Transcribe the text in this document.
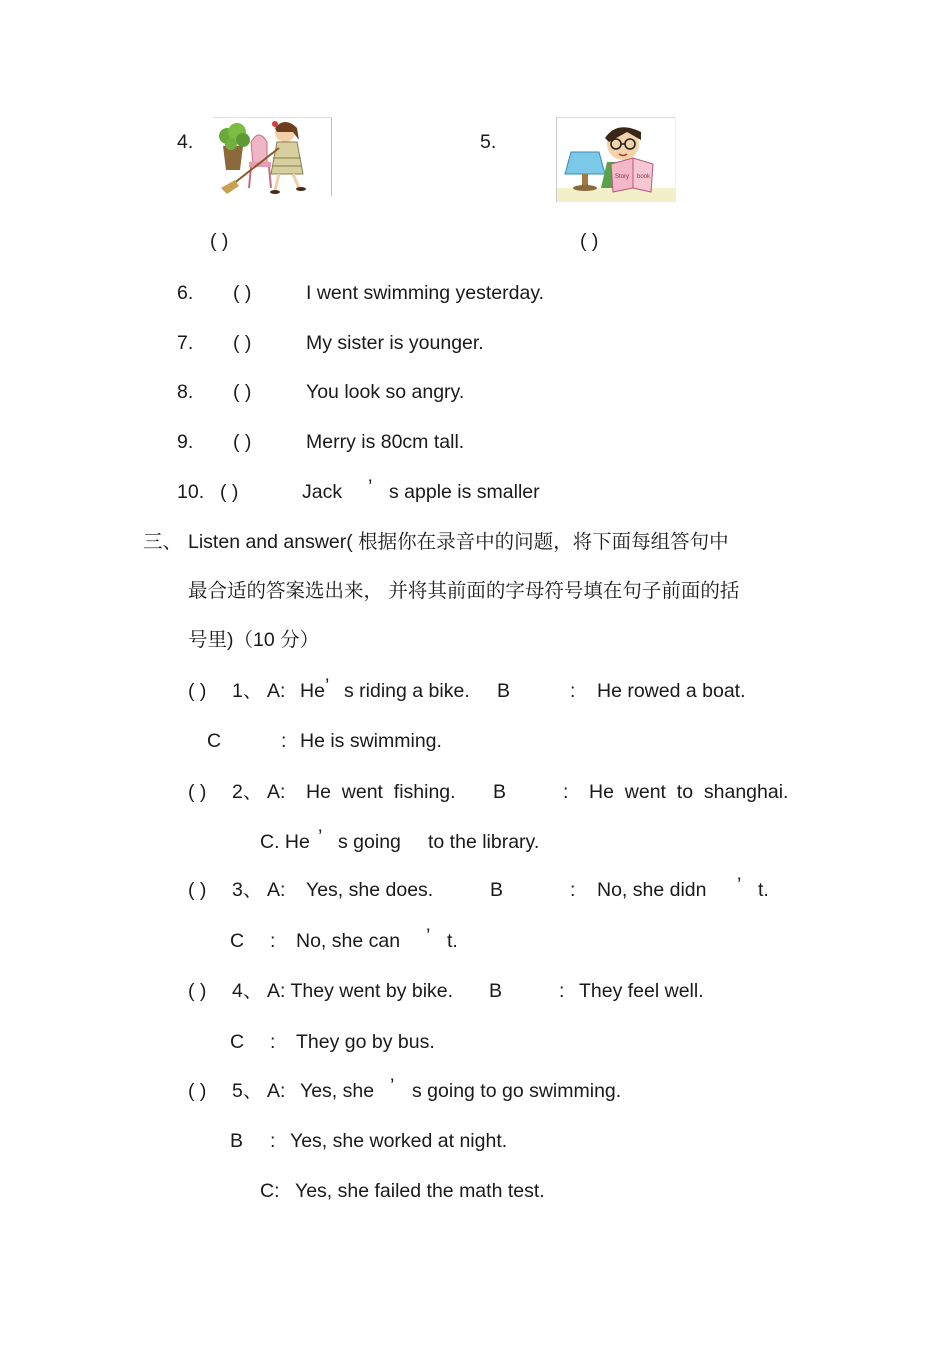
4.	5.
Story book
( )	( )
6. ( )	I went swimming yesterday.
7. ( )	My sister is younger.
8. ( )	You look so angry.
9. ( )	Merry is 80cm tall.
10. ( )	Jack ’ s apple is smaller
三、 Listen and answer( 根据你在录音中的问题，将下面每组答句中
最合适的答案选出来， 并将其前面的字母符号填在句子前面的括
号里)（10 分）
( ) 1、 A: He ’ s riding a bike. B	: He rowed a boat.
C	: He is swimming.
( ) 2、 A: He  went  fishing. B	: He  went  to  shanghai.
C. He ’ s going to the library.
( ) 3、 A: Yes, she does.	B	: No, she didn ’ t.
C : No, she can ’ t.
( ) 4、 A: They went by bike. B	: They feel well.
C : They go by bus.
( ) 5、 A: Yes, she ’ s going to go swimming.
B : Yes, she worked at night.
C: Yes, she failed the math test.
